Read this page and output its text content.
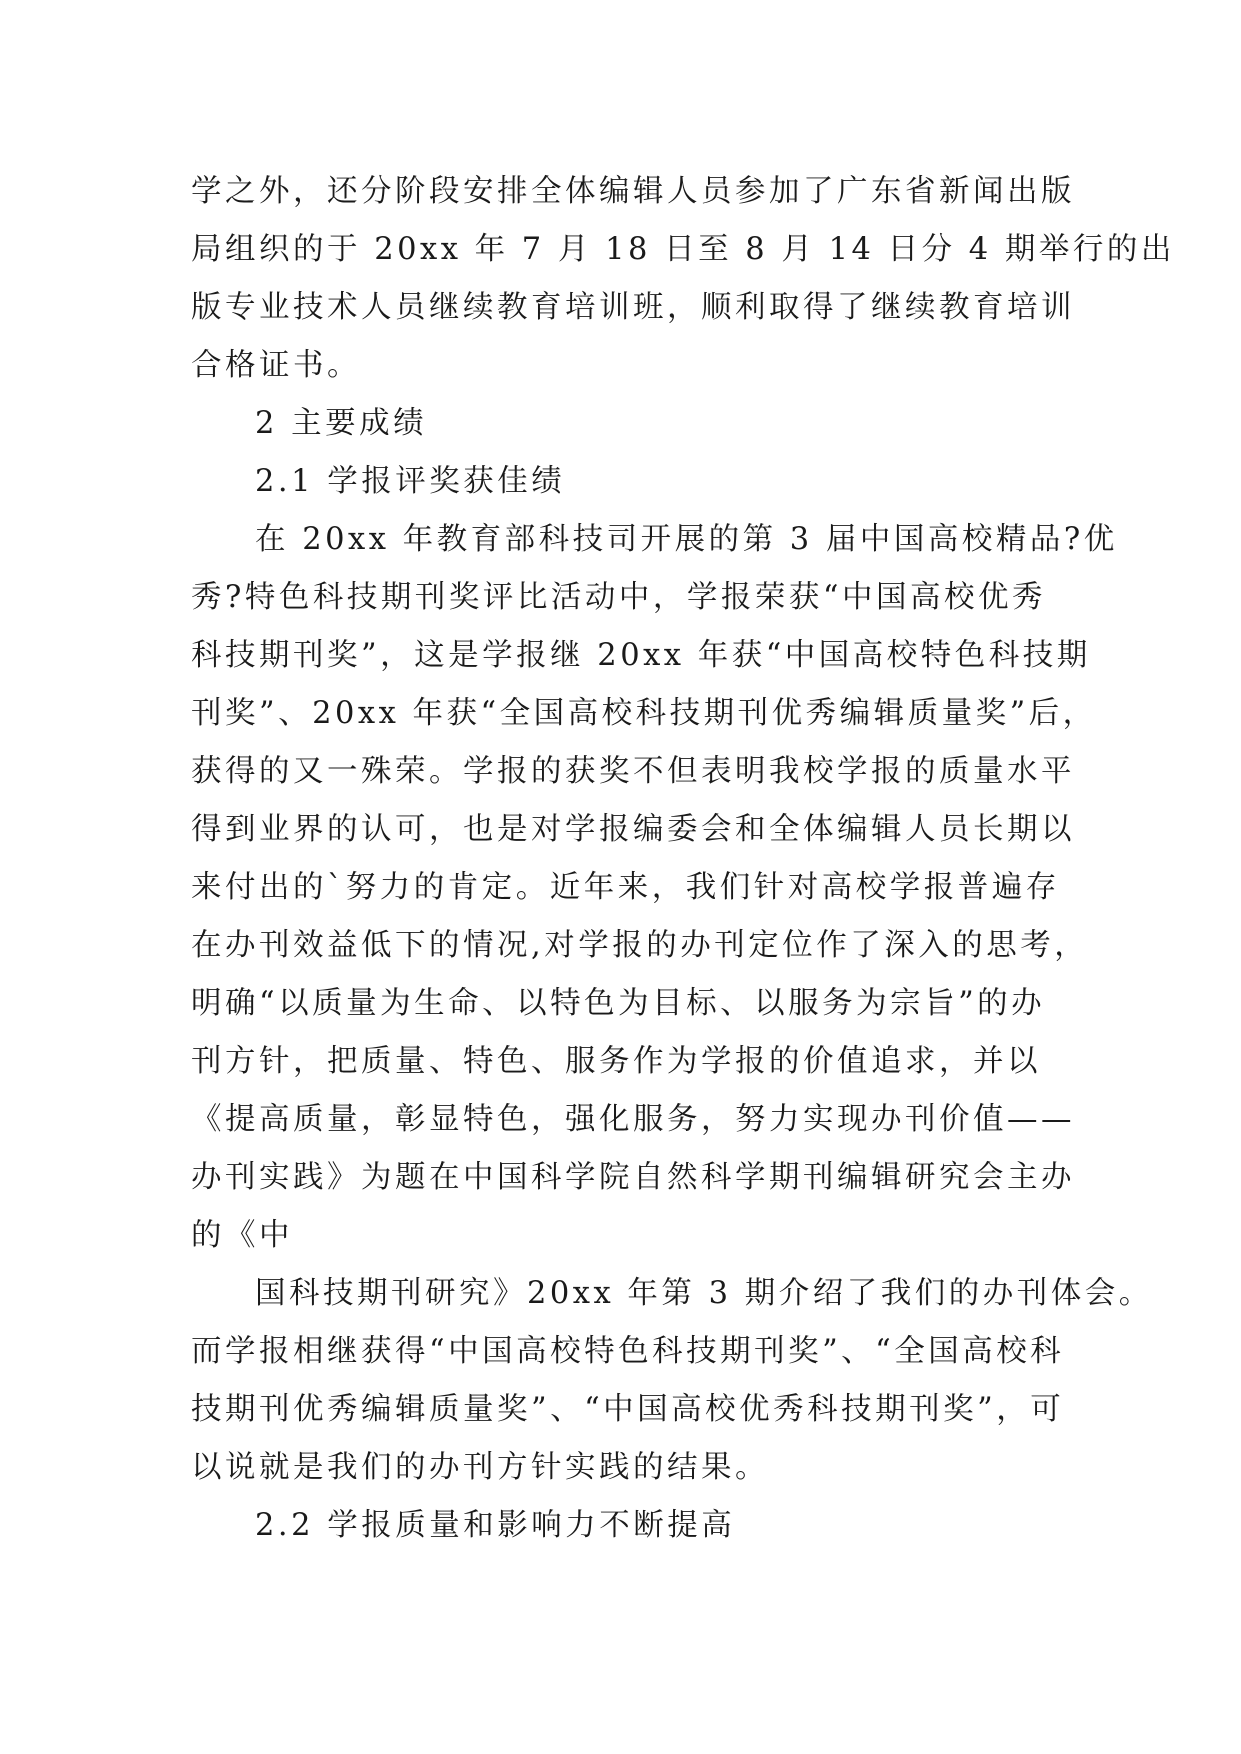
学之外，还分阶段安排全体编辑人员参加了广东省新闻出版
局组织的于 20xx 年 7 月 18 日至 8 月 14 日分 4 期举行的出
版专业技术人员继续教育培训班，顺利取得了继续教育培训
合格证书。
2 主要成绩
2.1 学报评奖获佳绩
在 20xx 年教育部科技司开展的第 3 届中国高校精品?优
秀?特色科技期刊奖评比活动中，学报荣获“中国高校优秀
科技期刊奖”，这是学报继 20xx 年获“中国高校特色科技期
刊奖”、20xx 年获“全国高校科技期刊优秀编辑质量奖”后，
获得的又一殊荣。学报的获奖不但表明我校学报的质量水平
得到业界的认可，也是对学报编委会和全体编辑人员长期以
来付出的`努力的肯定。近年来，我们针对高校学报普遍存
在办刊效益低下的情况,对学报的办刊定位作了深入的思考，
明确“以质量为生命、以特色为目标、以服务为宗旨”的办
刊方针，把质量、特色、服务作为学报的价值追求，并以
《提高质量，彰显特色，强化服务，努力实现办刊价值——
办刊实践》为题在中国科学院自然科学期刊编辑研究会主办
的《中
国科技期刊研究》20xx 年第 3 期介绍了我们的办刊体会。
而学报相继获得“中国高校特色科技期刊奖”、“全国高校科
技期刊优秀编辑质量奖”、“中国高校优秀科技期刊奖”，可
以说就是我们的办刊方针实践的结果。
2.2 学报质量和影响力不断提高
